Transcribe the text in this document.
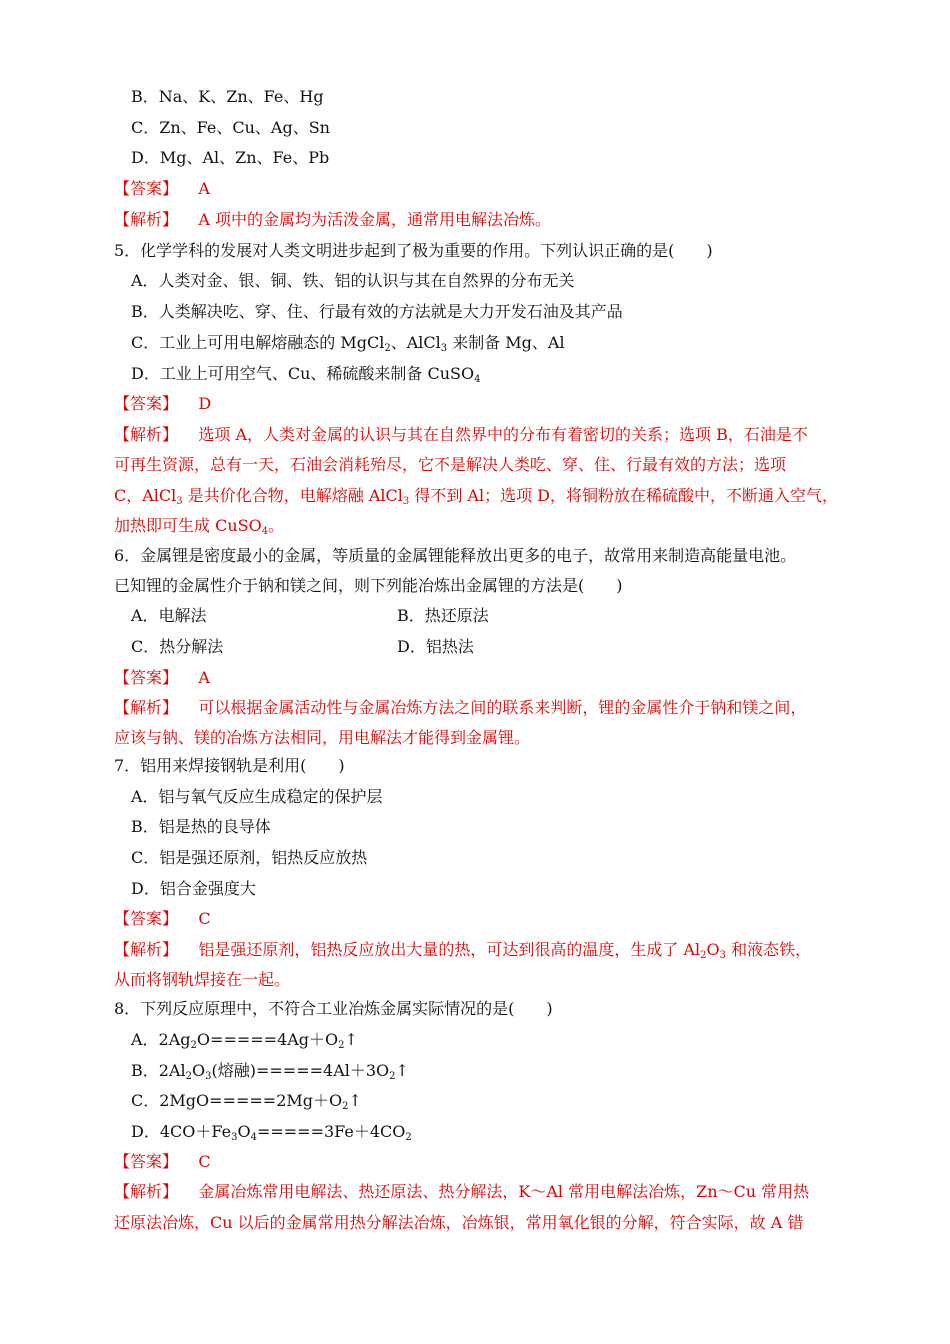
B．Na、K、Zn、Fe、Hg
C．Zn、Fe、Cu、Ag、Sn
D．Mg、Al、Zn、Fe、Pb
【答案】 A
【解析】 A 项中的金属均为活泼金属，通常用电解法冶炼。
5．化学学科的发展对人类文明进步起到了极为重要的作用。下列认识正确的是(　　)
A．人类对金、银、铜、铁、铝的认识与其在自然界的分布无关
B．人类解决吃、穿、住、行最有效的方法就是大力开发石油及其产品
C．工业上可用电解熔融态的 MgCl$_2$、AlCl$_3$ 来制备 Mg、Al
D．工业上可用空气、Cu、稀硫酸来制备 CuSO$_4$
【答案】 D
【解析】 选项 A，人类对金属的认识与其在自然界中的分布有着密切的关系；选项 B，石油是不
可再生资源，总有一天，石油会消耗殆尽，它不是解决人类吃、穿、住、行最有效的方法；选项
C，AlCl$_3$ 是共价化合物，电解熔融 AlCl$_3$ 得不到 Al；选项 D，将铜粉放在稀硫酸中，不断通入空气，
加热即可生成 CuSO$_4$。
6．金属锂是密度最小的金属，等质量的金属锂能释放出更多的电子，故常用来制造高能量电池。
已知锂的金属性介于钠和镁之间，则下列能冶炼出金属锂的方法是(　　)
A．电解法	B．热还原法
C．热分解法	D．铝热法
【答案】 A
【解析】 可以根据金属活动性与金属冶炼方法之间的联系来判断，锂的金属性介于钠和镁之间，
应该与钠、镁的冶炼方法相同，用电解法才能得到金属锂。
7．铝用来焊接钢轨是利用(　　)
A．铝与氧气反应生成稳定的保护层
B．铝是热的良导体
C．铝是强还原剂，铝热反应放热
D．铝合金强度大
【答案】 C
【解析】 铝是强还原剂，铝热反应放出大量的热，可达到很高的温度，生成了 $Al_2O_3$ 和液态铁，
从而将钢轨焊接在一起。
8．下列反应原理中，不符合工业冶炼金属实际情况的是(　　)
A．$2Ag_2O=====4Ag+O_2↑$
B．$2Al_2O_3$(熔融)$=====4Al+3O_2↑$
C．$2MgO=====2Mg+O_2↑$
D．$4CO+Fe_3O_4=====3Fe+4CO_2$
【答案】 C
【解析】 金属冶炼常用电解法、热还原法、热分解法，K～Al 常用电解法冶炼，Zn～Cu 常用热
还原法冶炼，Cu 以后的金属常用热分解法冶炼，冶炼银，常用氧化银的分解，符合实际，故 A 错
